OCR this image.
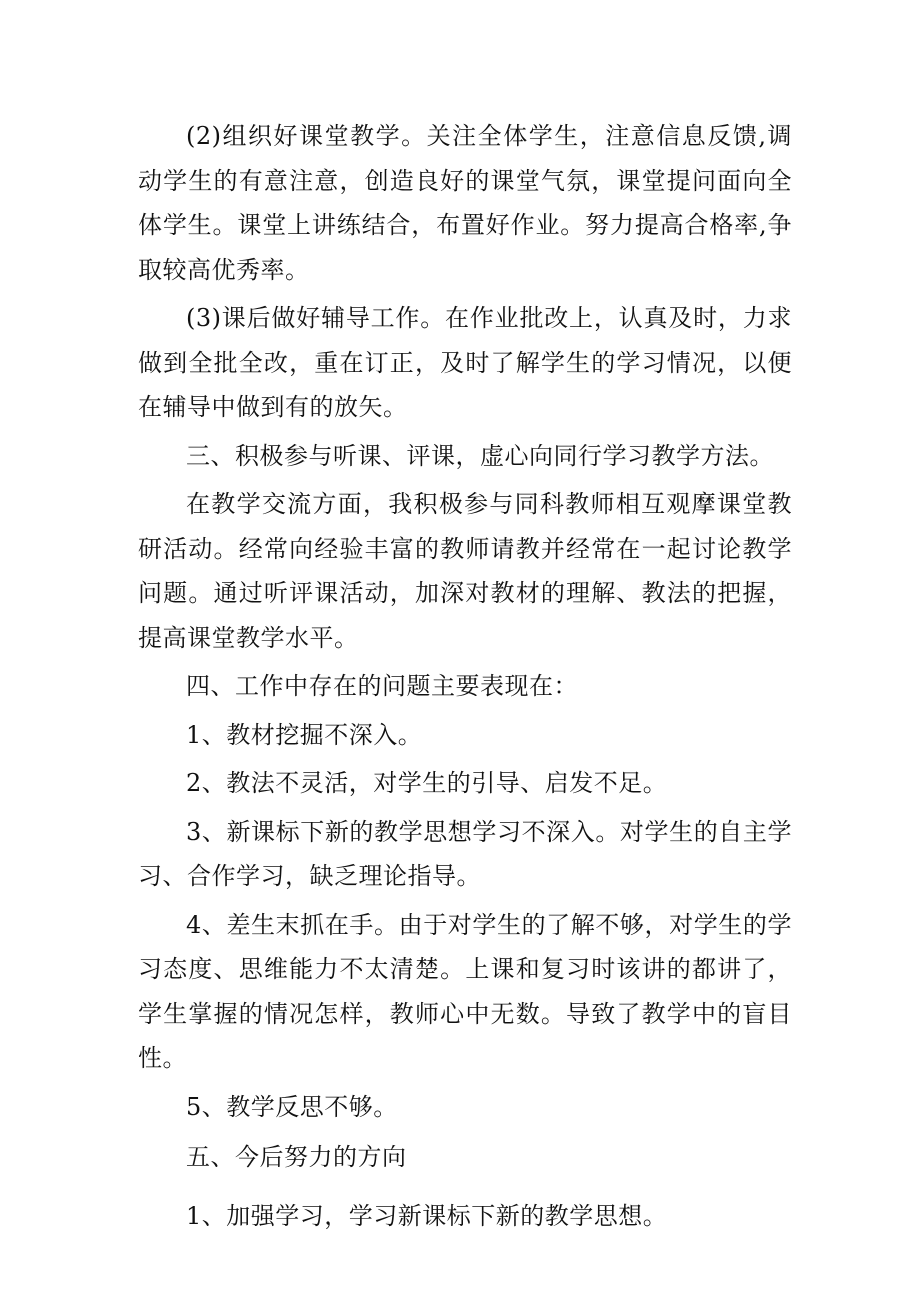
(2)组织好课堂教学。关注全体学生，注意信息反馈,调动学生的有意注意，创造良好的课堂气氛，课堂提问面向全体学生。课堂上讲练结合，布置好作业。努力提高合格率,争取较高优秀率。

(3)课后做好辅导工作。在作业批改上，认真及时，力求做到全批全改，重在订正，及时了解学生的学习情况，以便在辅导中做到有的放矢。

三、积极参与听课、评课，虚心向同行学习教学方法。

在教学交流方面，我积极参与同科教师相互观摩课堂教研活动。经常向经验丰富的教师请教并经常在一起讨论教学问题。通过听评课活动，加深对教材的理解、教法的把握，提高课堂教学水平。

四、工作中存在的问题主要表现在：

1、教材挖掘不深入。

2、教法不灵活，对学生的引导、启发不足。

3、新课标下新的教学思想学习不深入。对学生的自主学习、合作学习，缺乏理论指导。

4、差生末抓在手。由于对学生的了解不够，对学生的学习态度、思维能力不太清楚。上课和复习时该讲的都讲了，学生掌握的情况怎样，教师心中无数。导致了教学中的盲目性。

5、教学反思不够。

五、今后努力的方向

1、加强学习，学习新课标下新的教学思想。
